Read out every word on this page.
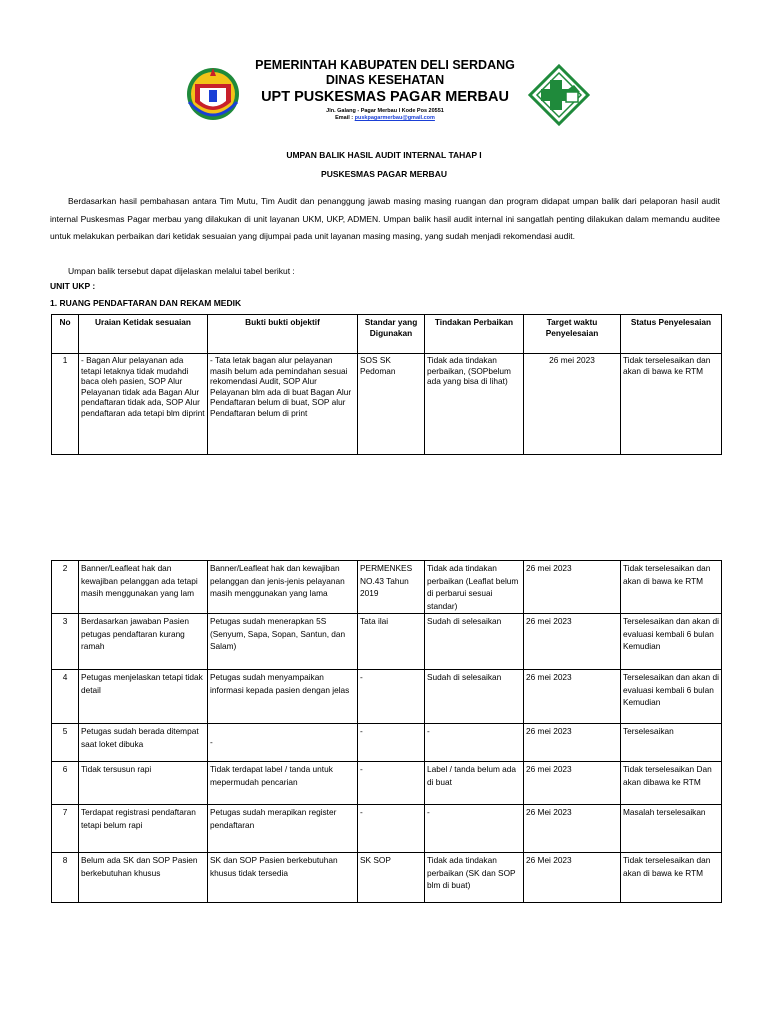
PEMERINTAH KABUPATEN DELI SERDANG
DINAS KESEHATAN
UPT PUSKESMAS PAGAR MERBAU
Jln. Galang - Pagar Merbau I Kode Pos 20551
Email : puskpagarmerbau@gmail.com
UMPAN BALIK HASIL AUDIT INTERNAL TAHAP I
PUSKESMAS PAGAR MERBAU
Berdasarkan hasil pembahasan antara Tim Mutu, Tim Audit dan penanggung jawab masing masing ruangan dan program didapat umpan balik dari pelaporan hasil audit internal Puskesmas Pagar merbau yang dilakukan di unit layanan UKM, UKP, ADMEN. Umpan balik hasil audit internal ini sangatlah penting dilakukan dalam memandu auditee untuk melakukan perbaikan dari ketidak sesuaian yang dijumpai pada unit layanan masing masing, yang sudah menjadi rekomendasi audit.
Umpan balik tersebut dapat dijelaskan melalui tabel berikut :
UNIT UKP :
1. RUANG PENDAFTARAN DAN REKAM MEDIK
No	Uraian Ketidak sesuaian	Bukti bukti objektif	Standar yang Digunakan	Tindakan Perbaikan	Target waktu Penyelesaian	Status Penyelesaian
1	- Bagan Alur pelayanan ada tetapi letaknya tidak mudahdi baca oleh pasien, SOP Alur Pelayanan tidak ada Bagan Alur pendaftaran tidak ada, SOP Alur pendaftaran ada tetapi blm diprint	- Tata letak bagan alur pelayanan masih belum ada pemindahan sesuai rekomendasi Audit, SOP Alur Pelayanan blm ada di buat Bagan Alur Pendaftaran belum di buat, SOP alur Pendaftaran belum di print	SOS SK Pedoman	Tidak ada tindakan perbaikan, (SOPbelum ada yang bisa di lihat)	26 mei 2023	Tidak terselesaikan dan akan di bawa ke RTM
2	Banner/Leafleat hak dan kewajiban pelanggan ada tetapi masih menggunakan yang lam	Banner/Leafleat hak dan kewajiban pelanggan dan jenis-jenis pelayanan masih menggunakan yang lama	PERMENKES NO.43 Tahun 2019	Tidak ada tindakan perbaikan (Leaflat belum di perbarui sesuai standar)	26 mei 2023	Tidak terselesaikan dan akan di bawa ke RTM
3	Berdasarkan jawaban Pasien petugas pendaftaran kurang ramah	Petugas sudah menerapkan 5S (Senyum, Sapa, Sopan, Santun, dan Salam)	Tata ilai	Sudah di selesaikan	26 mei 2023	Terselesaikan dan akan di evaluasi kembali 6 bulan Kemudian
4	Petugas menjelaskan tetapi tidak detail	Petugas sudah menyampaikan informasi kepada pasien dengan jelas	-	Sudah di selesaikan	26 mei 2023	Terselesaikan dan akan di evaluasi kembali 6 bulan Kemudian
5	Petugas sudah berada ditempat saat loket dibuka	-	-	-	26 mei 2023	Terselesaikan
6	Tidak tersusun rapi	Tidak terdapat label / tanda untuk mepermudah pencarian	-	Label / tanda belum ada di buat	26 mei 2023	Tidak terselesaikan Dan akan dibawa ke RTM
7	Terdapat registrasi pendaftaran tetapi belum rapi	Petugas sudah merapikan register pendaftaran	-	-	26 Mei 2023	Masalah terselesaikan
8	Belum ada SK dan SOP Pasien berkebutuhan khusus	SK dan SOP Pasien berkebutuhan khusus tidak tersedia	SK SOP	Tidak ada tindakan perbaikan (SK dan SOP blm di buat)	26 Mei 2023	Tidak terselesaikan dan akan di bawa ke RTM
